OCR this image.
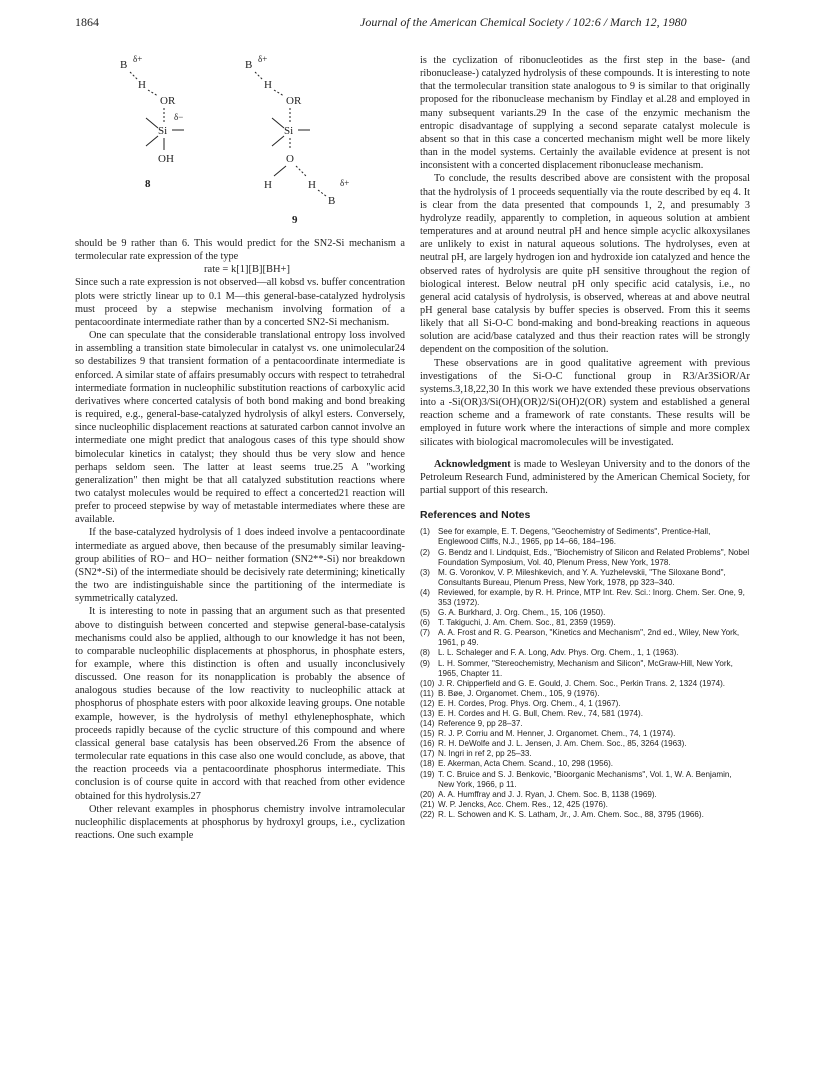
1864	Journal of the American Chemical Society / 102:6 / March 12, 1980
B δ+
H
OR
δ−
Si
OH
8
B δ+
H
OR
Si
O
H	H	δ+
B
9

should be 9 rather than 6. This would predict for the SN2-Si mechanism a termolecular rate expression of the type

rate = k[1][B][BH+]

Since such a rate expression is not observed—all kobsd vs. buffer concentration plots were strictly linear up to 0.1 M—this general-base-catalyzed hydrolysis must proceed by a stepwise mechanism involving formation of a pentacoordinate intermediate rather than by a concerted SN2-Si mechanism.

One can speculate that the considerable translational entropy loss involved in assembling a transition state bimolecular in catalyst vs. one unimolecular24 so destabilizes 9 that transient formation of a pentacoordinate intermediate is enforced. A similar state of affairs presumably occurs with respect to tetrahedral intermediate formation in nucleophilic substitution reactions of carboxylic acid derivatives where concerted catalysis of both bond making and bond breaking is required, e.g., general-base-catalyzed hydrolysis of alkyl esters. Conversely, since nucleophilic displacement reactions at saturated carbon cannot involve an intermediate one might predict that analogous cases of this type should show bimolecular kinetics in catalyst; they should thus be very slow and hence perhaps seldom seen. The latter at least seems true.25 A "working generalization" then might be that all catalyzed substitution reactions where two catalyst molecules would be required to effect a concerted21 reaction will prefer to proceed stepwise by way of metastable intermediates where these are available.

If the base-catalyzed hydrolysis of 1 does indeed involve a pentacoordinate intermediate as argued above, then because of the presumably similar leaving-group abilities of RO− and HO− neither formation (SN2**-Si) nor breakdown (SN2*-Si) of the intermediate should be decisively rate determining; kinetically the two are indistinguishable since the partitioning of the intermediate is symmetrically catalyzed.

It is interesting to note in passing that an argument such as that presented above to distinguish between concerted and stepwise general-base-catalysis mechanisms could also be applied, although to our knowledge it has not been, to comparable nucleophilic displacements at phosphorus, in phosphate esters, for example, where this distinction is often and usually inconclusively discussed. One reason for its nonapplication is probably the absence of analogous studies because of the low reactivity to nucleophilic attack at phosphorus of phosphate esters with poor alkoxide leaving groups. One notable example, however, is the hydrolysis of methyl ethylenephosphate, which proceeds rapidly because of the cyclic structure of this compound and where classical general base catalysis has been observed.26 From the absence of termolecular rate equations in this case also one would conclude, as above, that the reaction proceeds via a pentacoordinate phosphorus intermediate. This conclusion is of course quite in accord with that reached from other evidence obtained for this hydrolysis.27

Other relevant examples in phosphorus chemistry involve intramolecular nucleophilic displacements at phosphorus by hydroxyl groups, i.e., cyclization reactions. One such example

is the cyclization of ribonucleotides as the first step in the base- (and ribonuclease-) catalyzed hydrolysis of these compounds. It is interesting to note that the termolecular transition state analogous to 9 is similar to that originally proposed for the ribonuclease mechanism by Findlay et al.28 and employed in many subsequent variants.29 In the case of the enzymic mechanism the entropic disadvantage of supplying a second separate catalyst molecule is absent so that in this case a concerted mechanism might well be more likely than in the model systems. Certainly the available evidence at present is not inconsistent with a concerted displacement ribonuclease mechanism.

To conclude, the results described above are consistent with the proposal that the hydrolysis of 1 proceeds sequentially via the route described by eq 4. It is clear from the data presented that compounds 1, 2, and presumably 3 hydrolyze readily, apparently to completion, in aqueous solution at ambient temperatures and at around neutral pH and hence simple acyclic alkoxysilanes are unlikely to exist in natural aqueous solutions. The hydrolyses, even at neutral pH, are largely hydrogen ion and hydroxide ion catalyzed and hence the observed rates of hydrolysis are quite pH sensitive throughout the region of biological interest. Below neutral pH only specific acid catalysis, i.e., no general acid catalysis of hydrolysis, is observed, whereas at and above neutral pH general base catalysis by buffer species is observed. From this it seems likely that all Si-O-C bond-making and bond-breaking reactions in aqueous solution are acid/base catalyzed and thus their reaction rates will be strongly dependent on the composition of the solution.

These observations are in good qualitative agreement with previous investigations of the Si-O-C functional group in R3/Ar3SiOR/Ar systems.3,18,22,30 In this work we have extended these previous observations into a -Si(OR)3/Si(OH)(OR)2/Si(OH)2(OR) system and established a general reaction scheme and a framework of rate constants. These results will be employed in future work where the interactions of simple and more complex silicates with biological macromolecules will be investigated.

Acknowledgment is made to Wesleyan University and to the donors of the Petroleum Research Fund, administered by the American Chemical Society, for partial support of this research.

References and Notes
(1) See for example, E. T. Degens, "Geochemistry of Sediments", Prentice-Hall, Englewood Cliffs, N.J., 1965, pp 14–66, 184–196.
(2) G. Bendz and I. Lindquist, Eds., "Biochemistry of Silicon and Related Problems", Nobel Foundation Symposium, Vol. 40, Plenum Press, New York, 1978.
(3) M. G. Voronkov, V. P. Mileshkevich, and Y. A. Yuzhelevskii, "The Siloxane Bond", Consultants Bureau, Plenum Press, New York, 1978, pp 323–340.
(4) Reviewed, for example, by R. H. Prince, MTP Int. Rev. Sci.: Inorg. Chem. Ser. One, 9, 353 (1972).
(5) G. A. Burkhard, J. Org. Chem., 15, 106 (1950).
(6) T. Takiguchi, J. Am. Chem. Soc., 81, 2359 (1959).
(7) A. A. Frost and R. G. Pearson, "Kinetics and Mechanism", 2nd ed., Wiley, New York, 1961, p 49.
(8) L. L. Schaleger and F. A. Long, Adv. Phys. Org. Chem., 1, 1 (1963).
(9) L. H. Sommer, "Stereochemistry, Mechanism and Silicon", McGraw-Hill, New York, 1965, Chapter 11.
(10) J. R. Chipperfield and G. E. Gould, J. Chem. Soc., Perkin Trans. 2, 1324 (1974).
(11) B. Bøe, J. Organomet. Chem., 105, 9 (1976).
(12) E. H. Cordes, Prog. Phys. Org. Chem., 4, 1 (1967).
(13) E. H. Cordes and H. G. Bull, Chem. Rev., 74, 581 (1974).
(14) Reference 9, pp 28–37.
(15) R. J. P. Corriu and M. Henner, J. Organomet. Chem., 74, 1 (1974).
(16) R. H. DeWolfe and J. L. Jensen, J. Am. Chem. Soc., 85, 3264 (1963).
(17) N. Ingri in ref 2, pp 25–33.
(18) E. Akerman, Acta Chem. Scand., 10, 298 (1956).
(19) T. C. Bruice and S. J. Benkovic, "Bioorganic Mechanisms", Vol. 1, W. A. Benjamin, New York, 1966, p 11.
(20) A. A. Humffray and J. J. Ryan, J. Chem. Soc. B, 1138 (1969).
(21) W. P. Jencks, Acc. Chem. Res., 12, 425 (1976).
(22) R. L. Schowen and K. S. Latham, Jr., J. Am. Chem. Soc., 88, 3795 (1966).
